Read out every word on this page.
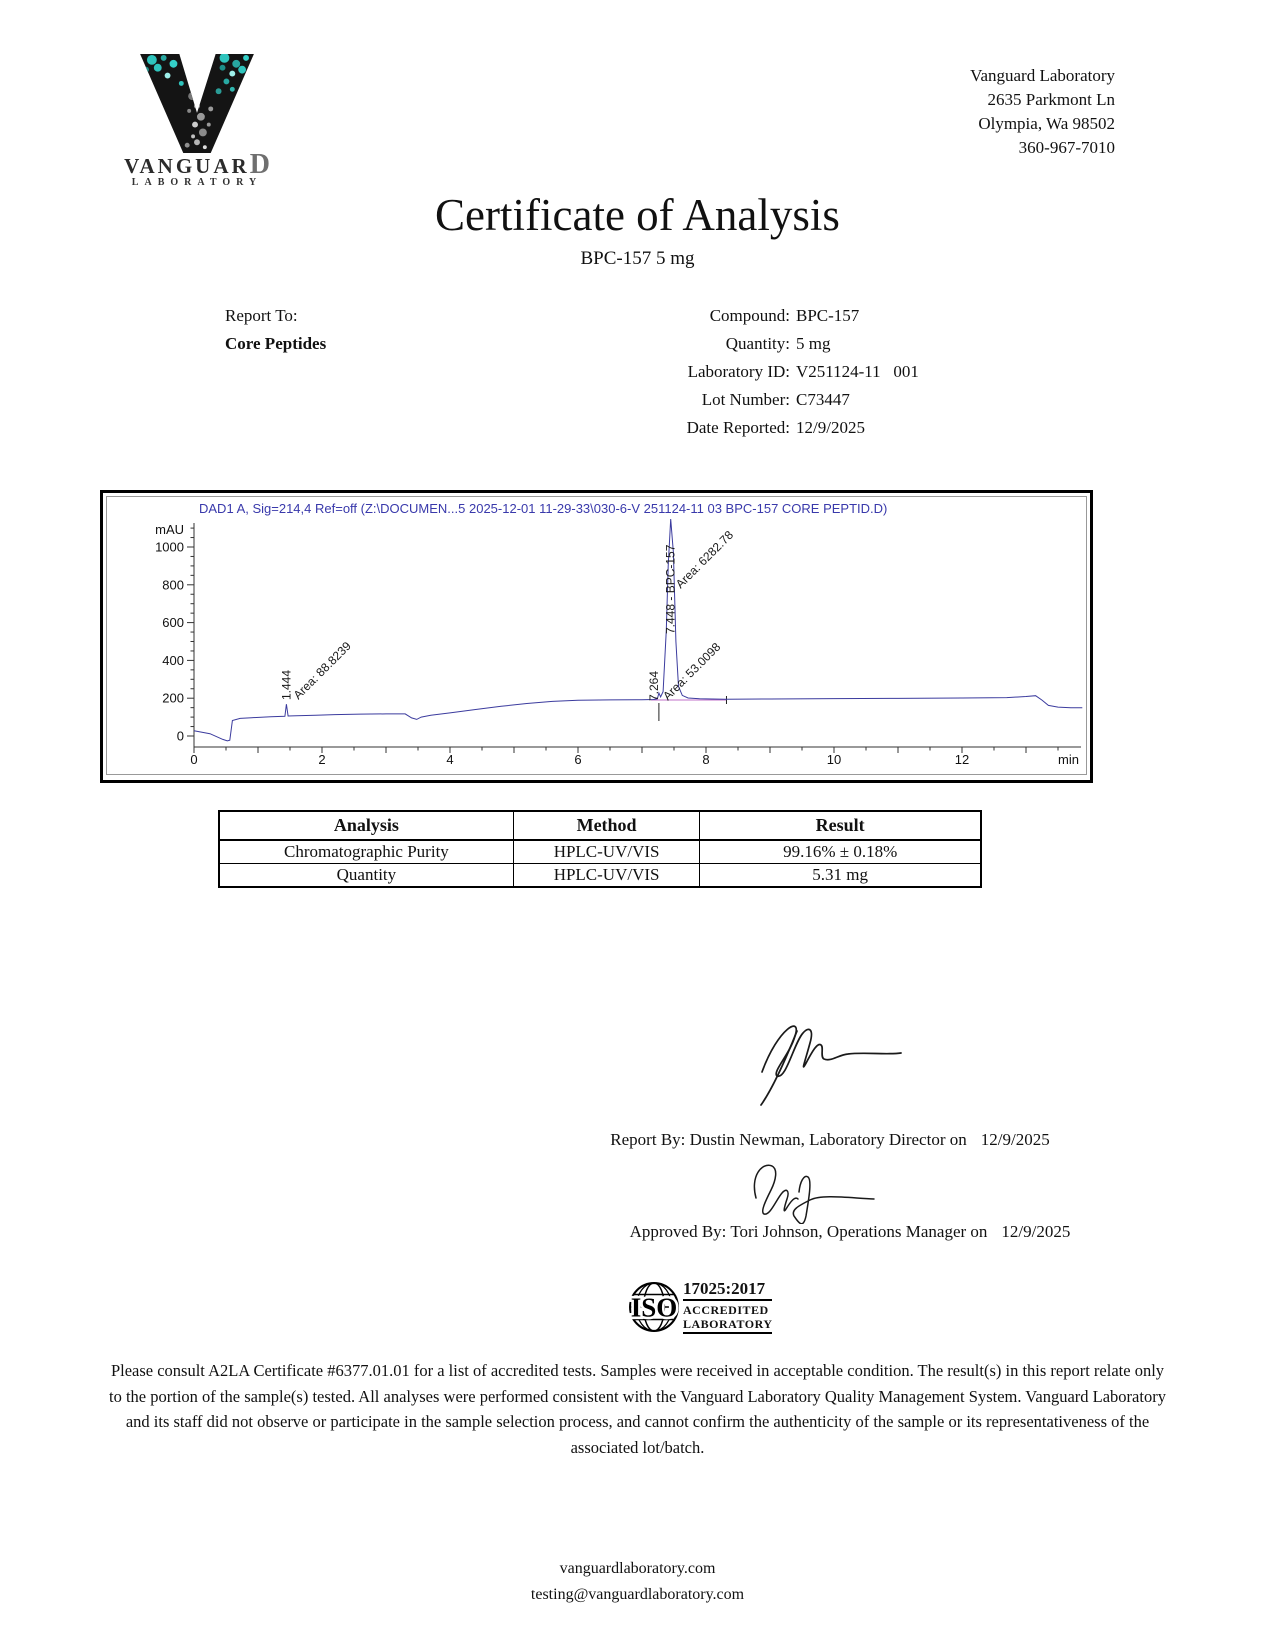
VANGUARD
LABORATORY
Vanguard Laboratory
2635 Parkmont Ln
Olympia, Wa 98502
360-967-7010
Certificate of Analysis
BPC-157 5 mg
Report To:
Core Peptides
Compound: BPC-157
Quantity: 5 mg
Laboratory ID: V251124-11   001
Lot Number: C73447
Date Reported: 12/9/2025
DAD1 A, Sig=214,4 Ref=off (Z:\DOCUMEN...5 2025-12-01 11-29-33\030-6-V 251124-11 03 BPC-157 CORE PEPTID.D)
0
200
400
600
800
1000
mAU
0	2	4	6	8	10	12	min
1.444
Area: 88.8239	7.264 Area: 53.0098
7.448 - BPC-157
Area: 6282.78
Analysis	Method	Result
Chromatographic Purity	HPLC-UV/VIS	99.16% ± 0.18%
Quantity	HPLC-UV/VIS	5.31 mg
Report By: Dustin Newman, Laboratory Director on 12/9/2025
Approved By: Tori Johnson, Operations Manager on 12/9/2025
ISO
17025:2017
ACCREDITED
LABORATORY
Please consult A2LA Certificate #6377.01.01 for a list of accredited tests. Samples were received in acceptable condition. The result(s) in this report relate only to the portion of the sample(s) tested. All analyses were performed consistent with the Vanguard Laboratory Quality Management System. Vanguard Laboratory and its staff did not observe or participate in the sample selection process, and cannot confirm the authenticity of the sample or its representativeness of the associated lot/batch.
vanguardlaboratory.com
testing@vanguardlaboratory.com
